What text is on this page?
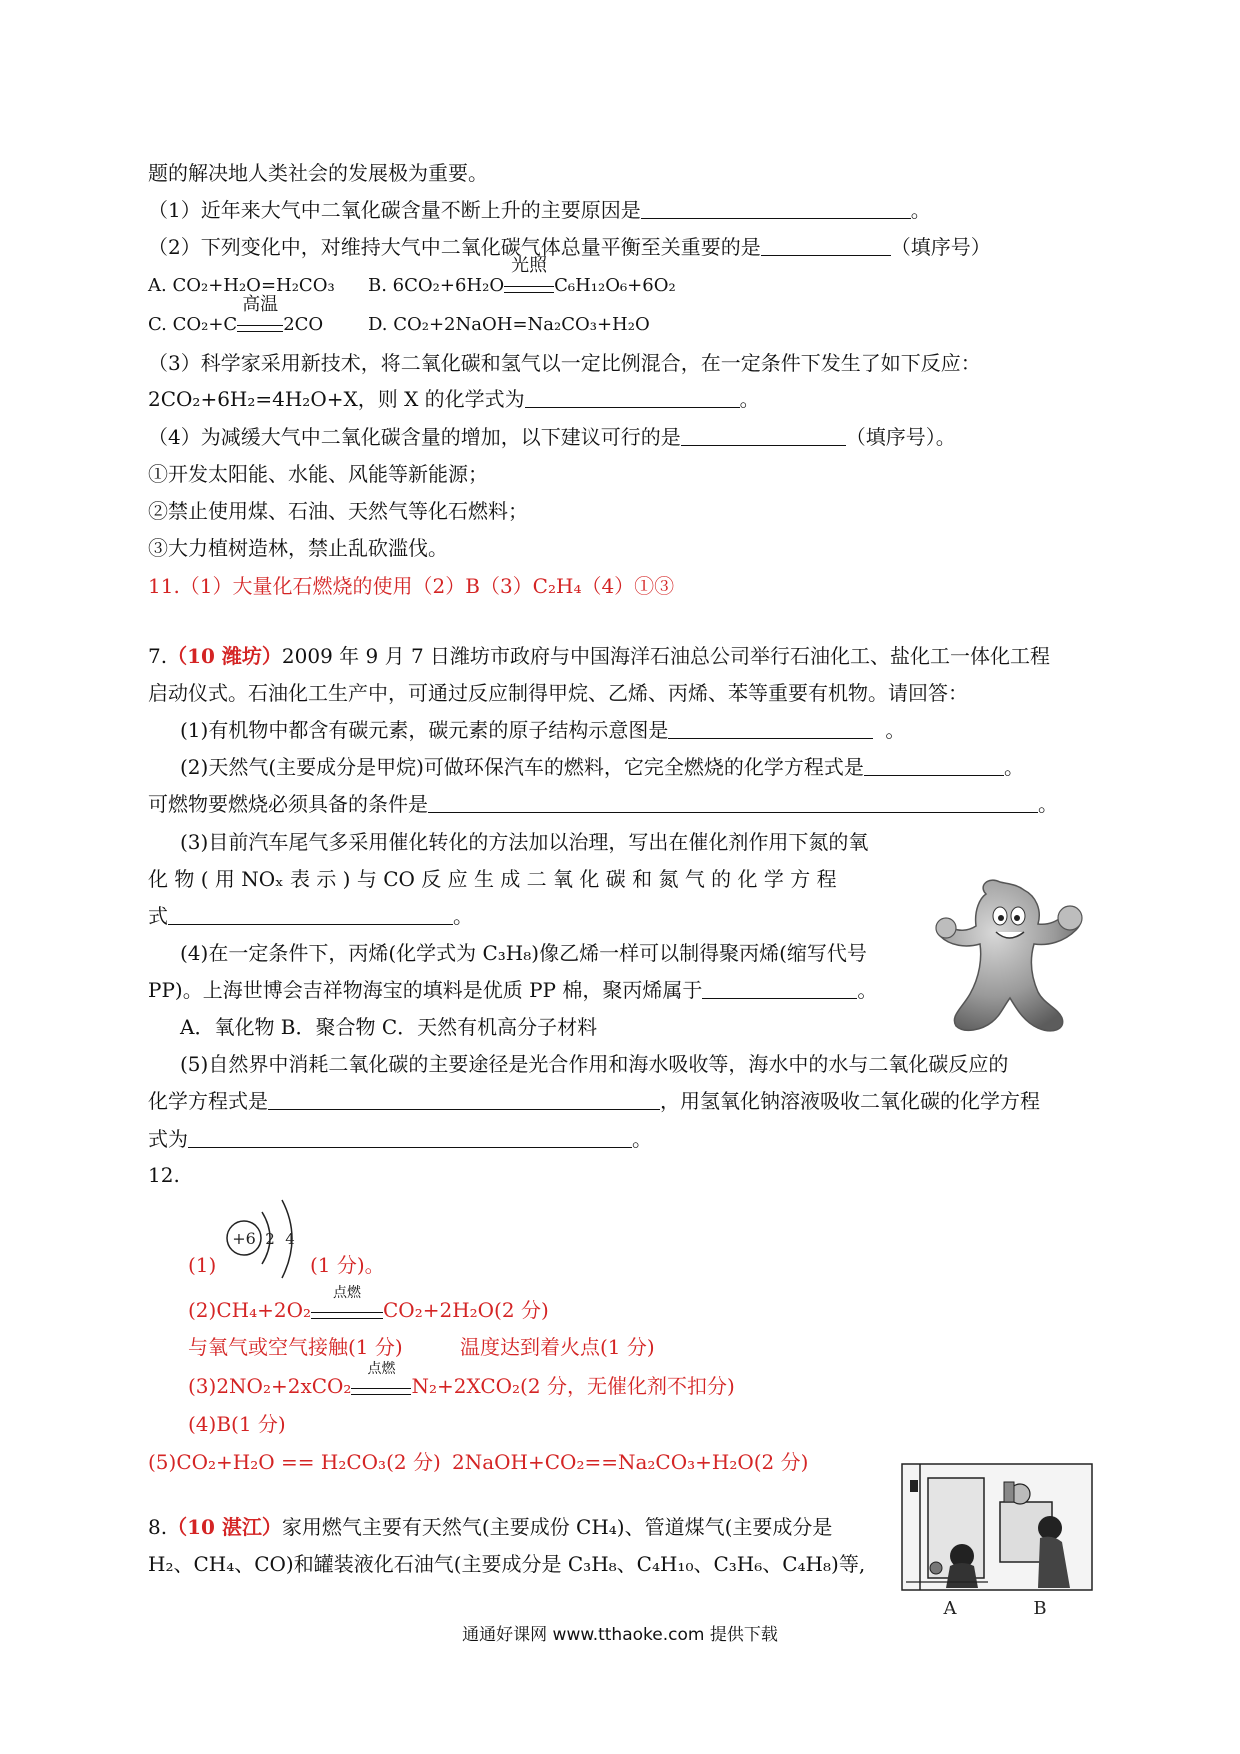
题的解决地人类社会的发展极为重要。
（1）近年来大气中二氧化碳含量不断上升的主要原因是	。
（2）下列变化中，对维持大气中二氧化碳气体总量平衡至关重要的是	（填序号）
A. CO₂+H₂O=H₂CO₃ B. 6CO₂+6H₂O
光照
C₆H₁₂O₆+6O₂
C. CO₂+C
高温
2CO D. CO₂+2NaOH=Na₂CO₃+H₂O
（3）科学家采用新技术，将二氧化碳和氢气以一定比例混合，在一定条件下发生了如下反应：
2CO₂+6H₂=4H₂O+X，则 X 的化学式为	。
（4）为减缓大气中二氧化碳含量的增加，以下建议可行的是	（填序号）。
①开发太阳能、水能、风能等新能源；
②禁止使用煤、石油、天然气等化石燃料；
③大力植树造林，禁止乱砍滥伐。
11.（1）大量化石燃烧的使用（2）B（3）C₂H₄（4）①③
7.（10 潍坊）2009 年 9 月 7 日潍坊市政府与中国海洋石油总公司举行石油化工、盐化工一体化工程
启动仪式。石油化工生产中，可通过反应制得甲烷、乙烯、丙烯、苯等重要有机物。请回答：
(1)有机物中都含有碳元素，碳元素的原子结构示意图是	。
(2)天然气(主要成分是甲烷)可做环保汽车的燃料，它完全燃烧的化学方程式是	。
可燃物要燃烧必须具备的条件是	。
(3)目前汽车尾气多采用催化转化的方法加以治理，写出在催化剂作用下氮的氧
化 物 ( 用 NOₓ 表 示 ) 与 CO 反 应 生 成 二 氧 化 碳 和 氮 气 的 化 学 方 程
式	。
(4)在一定条件下，丙烯(化学式为 C₃H₈)像乙烯一样可以制得聚丙烯(缩写代号
PP)。上海世博会吉祥物海宝的填料是优质 PP 棉，聚丙烯属于	。
A．氧化物 B．聚合物 C．天然有机高分子材料
(5)自然界中消耗二氧化碳的主要途径是光合作用和海水吸收等，海水中的水与二氧化碳反应的
化学方程式是	，用氢氧化钠溶液吸收二氧化碳的化学方程
式为	。
12.
(1)
+6 2 4
(1 分)。
(2)CH₄+2O₂
点燃
CO₂+2H₂O(2 分)
与氧气或空气接触(1 分)	温度达到着火点(1 分)
(3)2NO₂+2xCO₂
点燃
N₂+2XCO₂(2 分，无催化剂不扣分)
(4)B(1 分)
(5)CO₂+H₂O == H₂CO₃(2 分) 2NaOH+CO₂==Na₂CO₃+H₂O(2 分)
8.（10 湛江）家用燃气主要有天然气(主要成份 CH₄)、管道煤气(主要成分是
H₂、CH₄、CO)和罐装液化石油气(主要成分是 C₃H₈、C₄H₁₀、C₃H₆、C₄H₈)等,
A	B
通通好课网 www.tthaoke.com 提供下载
